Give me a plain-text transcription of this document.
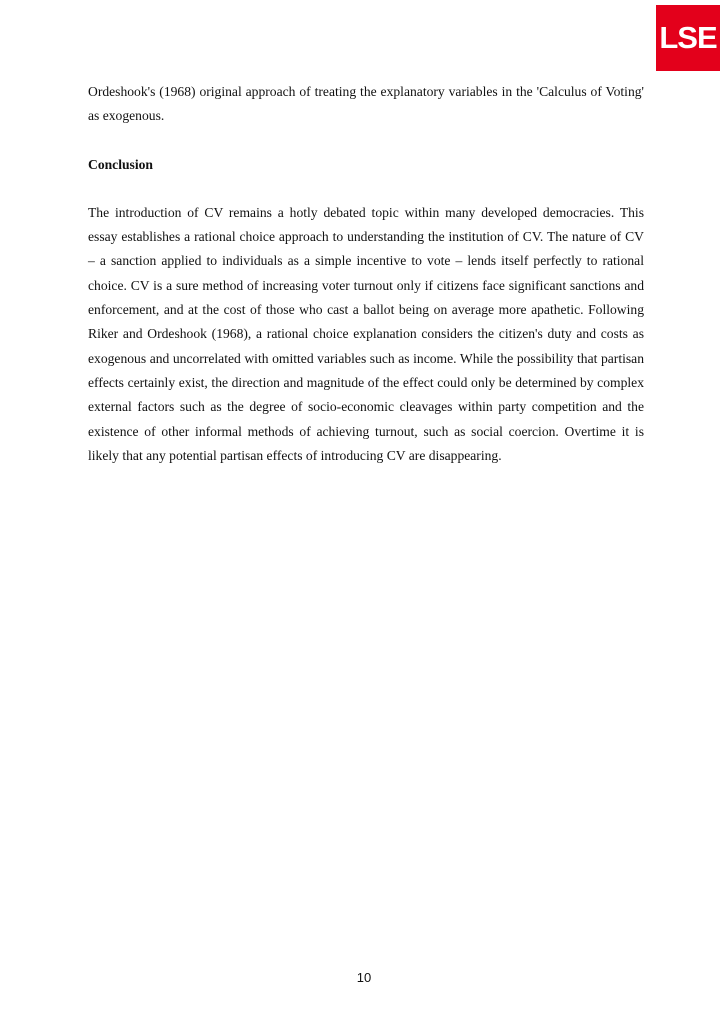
LSE

Ordeshook's (1968) original approach of treating the explanatory variables in the 'Calculus of Voting' as exogenous.

Conclusion

The introduction of CV remains a hotly debated topic within many developed democracies. This essay establishes a rational choice approach to understanding the institution of CV. The nature of CV – a sanction applied to individuals as a simple incentive to vote – lends itself perfectly to rational choice. CV is a sure method of increasing voter turnout only if citizens face significant sanctions and enforcement, and at the cost of those who cast a ballot being on average more apathetic. Following Riker and Ordeshook (1968), a rational choice explanation considers the citizen's duty and costs as exogenous and uncorrelated with omitted variables such as income. While the possibility that partisan effects certainly exist, the direction and magnitude of the effect could only be determined by complex external factors such as the degree of socio-economic cleavages within party competition and the existence of other informal methods of achieving turnout, such as social coercion. Overtime it is likely that any potential partisan effects of introducing CV are disappearing.

10
